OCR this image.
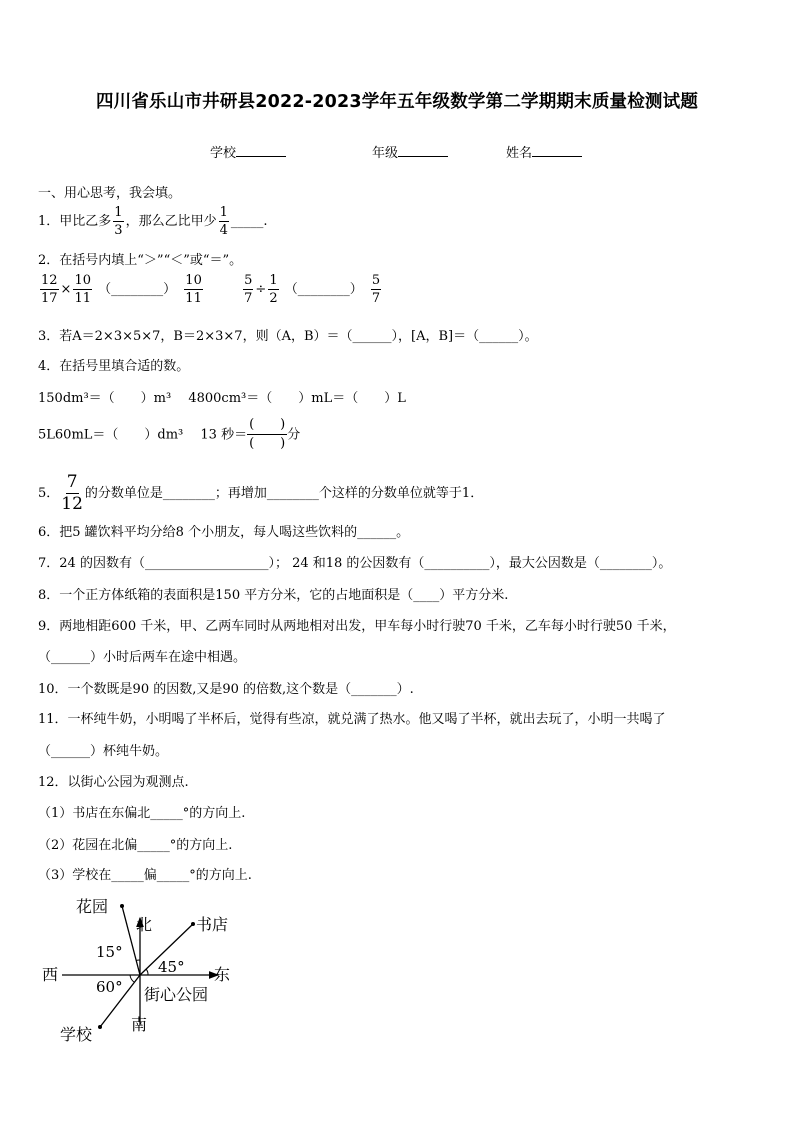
四川省乐山市井研县2022-2023学年五年级数学第二学期期末质量检测试题
学校	年级	姓名
一、用心思考，我会填。
1．甲比乙多 $\frac{1}{3}$ ，那么乙比甲少 $\frac{1}{4}$ _____.
2．在括号内填上“＞”“＜”或“＝”。
$\frac{12}{17} \times \frac{10}{11}$ （________） $\frac{10}{11}$
	$\frac{5}{7} \div \frac{1}{2}$ （________） $\frac{5}{7}$
3．若A＝2×3×5×7，B＝2×3×7，则（A，B）＝（______），[A，B]＝（______）。
4．在括号里填合适的数。
150dm³＝（　　）m³　 4800cm³＝（　　）mL＝（　　）L
5L60mL＝（　　）dm³　 13 秒＝ $\frac{( )}{( )}$ 分
5． $\frac{7}{12}$ 的分数单位是________；再增加________个这样的分数单位就等于1．
6．把5 罐饮料平均分给8 个小朋友，每人喝这些饮料的______。
7．24 的因数有（___________________）； 24 和18 的公因数有（__________），最大公因数是（________）。
8．一个正方体纸箱的表面积是150 平方分米，它的占地面积是（____）平方分米.
9．两地相距600 千米，甲、乙两车同时从两地相对出发，甲车每小时行驶70 千米，乙车每小时行驶50 千米，
（______）小时后两车在途中相遇。
10．一个数既是90 的因数,又是90 的倍数,这个数是（_______）.
11．一杯纯牛奶，小明喝了半杯后，觉得有些凉，就兑满了热水。他又喝了半杯，就出去玩了，小明一共喝了
（______）杯纯牛奶。
12．以街心公园为观测点.
（1）书店在东偏北_____°的方向上.
（2）花园在北偏_____°的方向上.
（3）学校在_____偏_____°的方向上.
花园
北	书店
西	东
街心公园
南
学校
15°
45°
60°
